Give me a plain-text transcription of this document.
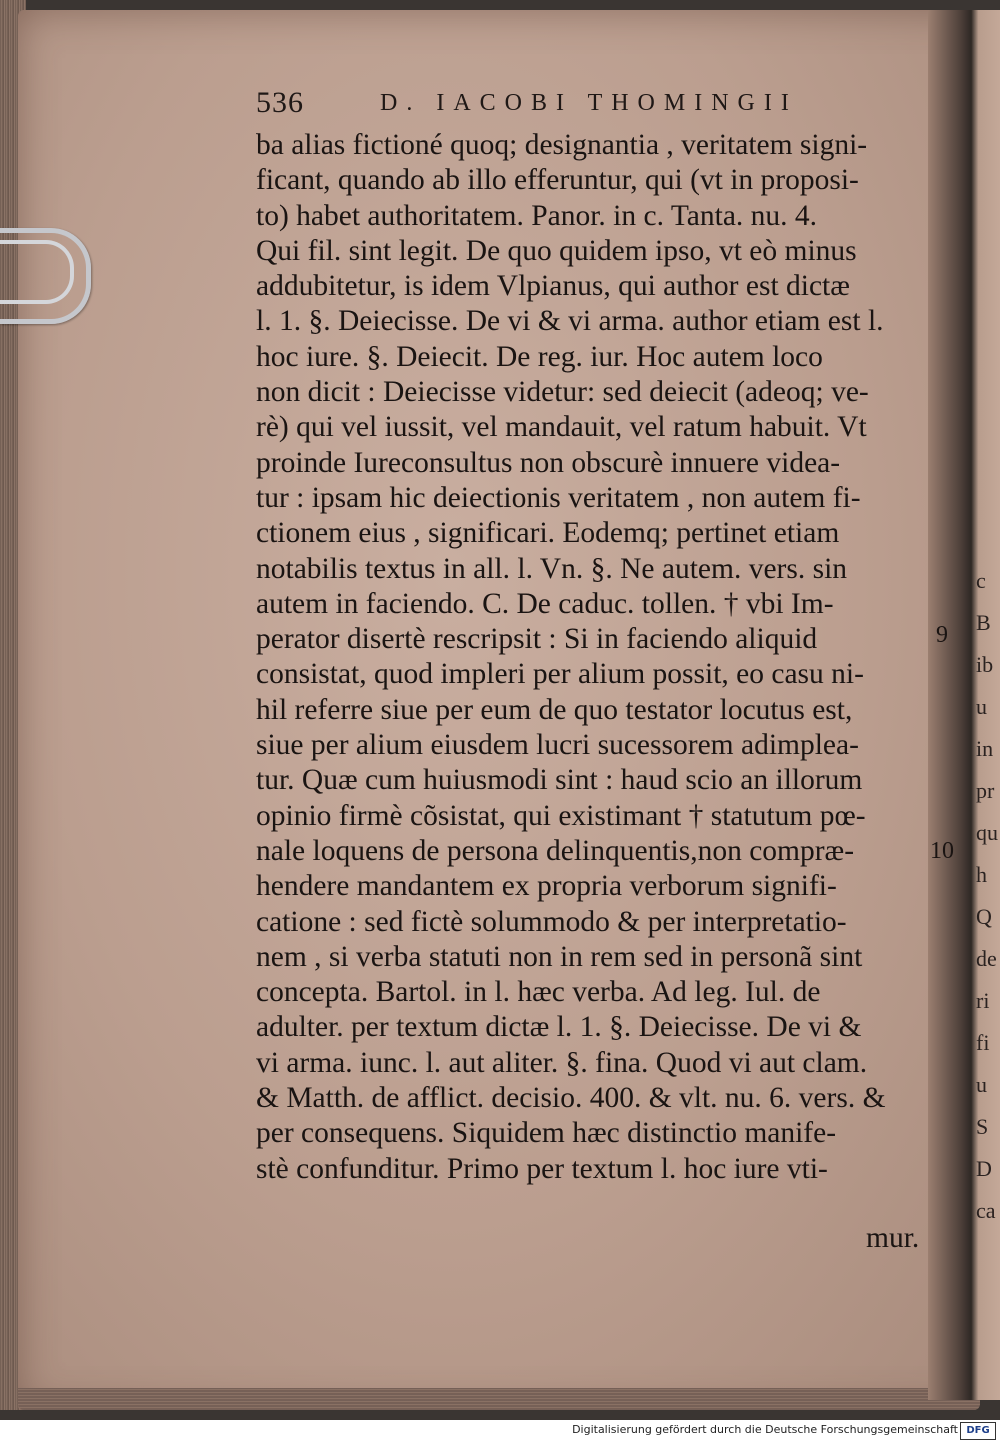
c
B
ib
u
in
pr
qu
h
Q
de
ri
fi
u
S
D
ca
536	D. IACOBI THOMINGII
ba alias fictioné quoq; designantia , veritatem signi-
ficant, quando ab illo efferuntur, qui (vt in proposi-
to) habet authoritatem. Panor. in c. Tanta. nu. 4.
Qui fil. sint legit. De quo quidem ipso, vt eò minus
addubitetur, is idem Vlpianus, qui author est dictæ
l. 1. §. Deiecisse. De vi & vi arma. author etiam est l.
hoc iure. §. Deiecit. De reg. iur. Hoc autem loco
non dicit : Deiecisse videtur: sed deiecit (adeoq; ve-
rè) qui vel iussit, vel mandauit, vel ratum habuit. Vt
proinde Iureconsultus non obscurè innuere videa-
tur : ipsam hic deiectionis veritatem , non autem fi-
ctionem eius , significari. Eodemq; pertinet etiam
notabilis textus in all. l. Vn. §. Ne autem. vers. sin
autem in faciendo. C. De caduc. tollen. † vbi Im-
perator disertè rescripsit : Si in faciendo aliquid
consistat, quod impleri per alium possit, eo casu ni-
hil referre siue per eum de quo testator locutus est,
siue per alium eiusdem lucri sucessorem adimplea-
tur. Quæ cum huiusmodi sint : haud scio an illorum
opinio firmè cõsistat, qui existimant † statutum pœ-
nale loquens de persona delinquentis,non compræ-
hendere mandantem ex propria verborum signifi-
catione : sed fictè solummodo & per interpretatio-
nem , si verba statuti non in rem sed in personã sint
concepta. Bartol. in l. hæc verba. Ad leg. Iul. de
adulter. per textum dictæ l. 1. §. Deiecisse. De vi &
vi arma. iunc. l. aut aliter. §. fina. Quod vi aut clam.
& Matth. de afflict. decisio. 400. & vlt. nu. 6. vers. &
per consequens. Siquidem hæc distinctio manife-
stè confunditur. Primo per textum l. hoc iure vti-
9
10
mur.
Digitalisierung gefördert durch die Deutsche Forschungsgemeinschaft DFG
